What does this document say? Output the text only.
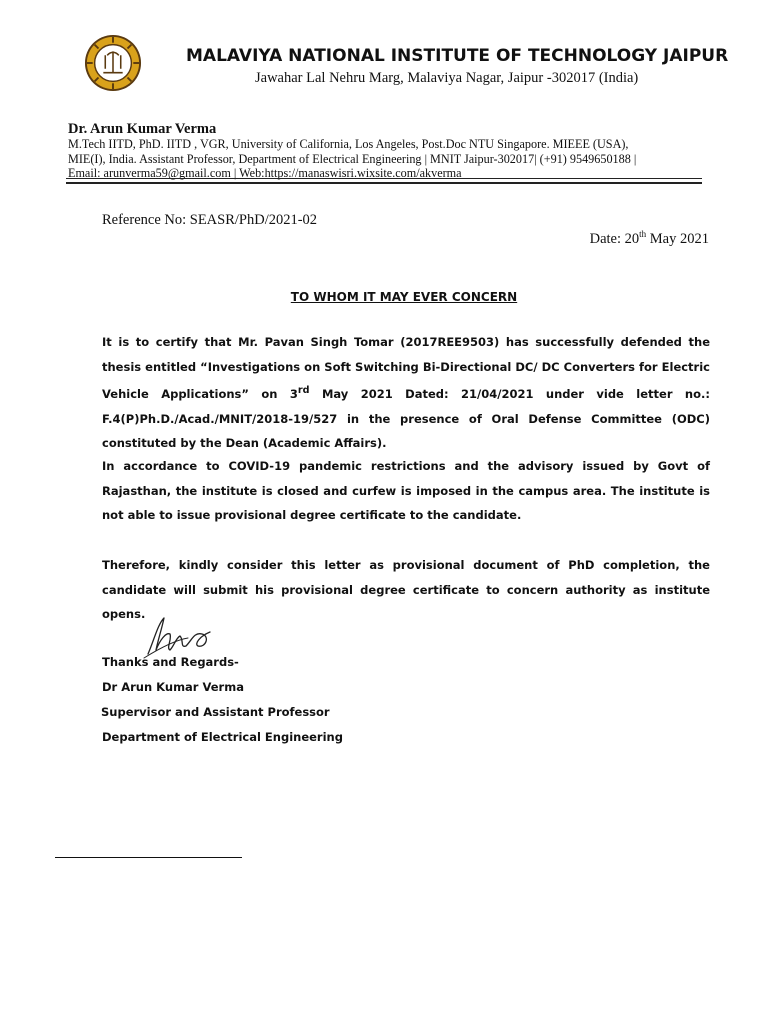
MALAVIYA NATIONAL INSTITUTE OF TECHNOLOGY JAIPUR
Jawahar Lal Nehru Marg, Malaviya Nagar, Jaipur -302017 (India)
Dr. Arun Kumar Verma
M.Tech IITD, PhD. IITD , VGR, University of California, Los Angeles, Post.Doc NTU Singapore. MIEEE (USA),
MIE(I), India. Assistant Professor, Department of Electrical Engineering | MNIT Jaipur-302017| (+91) 9549650188 |
Email: arunverma59@gmail.com | Web:https://manaswisri.wixsite.com/akverma
Reference No: SEASR/PhD/2021-02
Date: 20th May 2021
TO WHOM IT MAY EVER CONCERN
It is to certify that Mr. Pavan Singh Tomar (2017REE9503) has successfully defended the thesis entitled “Investigations on Soft Switching Bi-Directional DC/ DC Converters for Electric Vehicle Applications” on 3rd May 2021 Dated: 21/04/2021 under vide letter no.: F.4(P)Ph.D./Acad./MNIT/2018-19/527 in the presence of Oral Defense Committee (ODC) constituted by the Dean (Academic Affairs).
In accordance to COVID-19 pandemic restrictions and the advisory issued by Govt of Rajasthan, the institute is closed and curfew is imposed in the campus area. The institute is not able to issue provisional degree certificate to the candidate.
Therefore, kindly consider this letter as provisional document of PhD completion, the candidate will submit his provisional degree certificate to concern authority as institute opens.
Thanks and Regards-
Dr Arun Kumar Verma
Supervisor and Assistant Professor
Department of Electrical Engineering
